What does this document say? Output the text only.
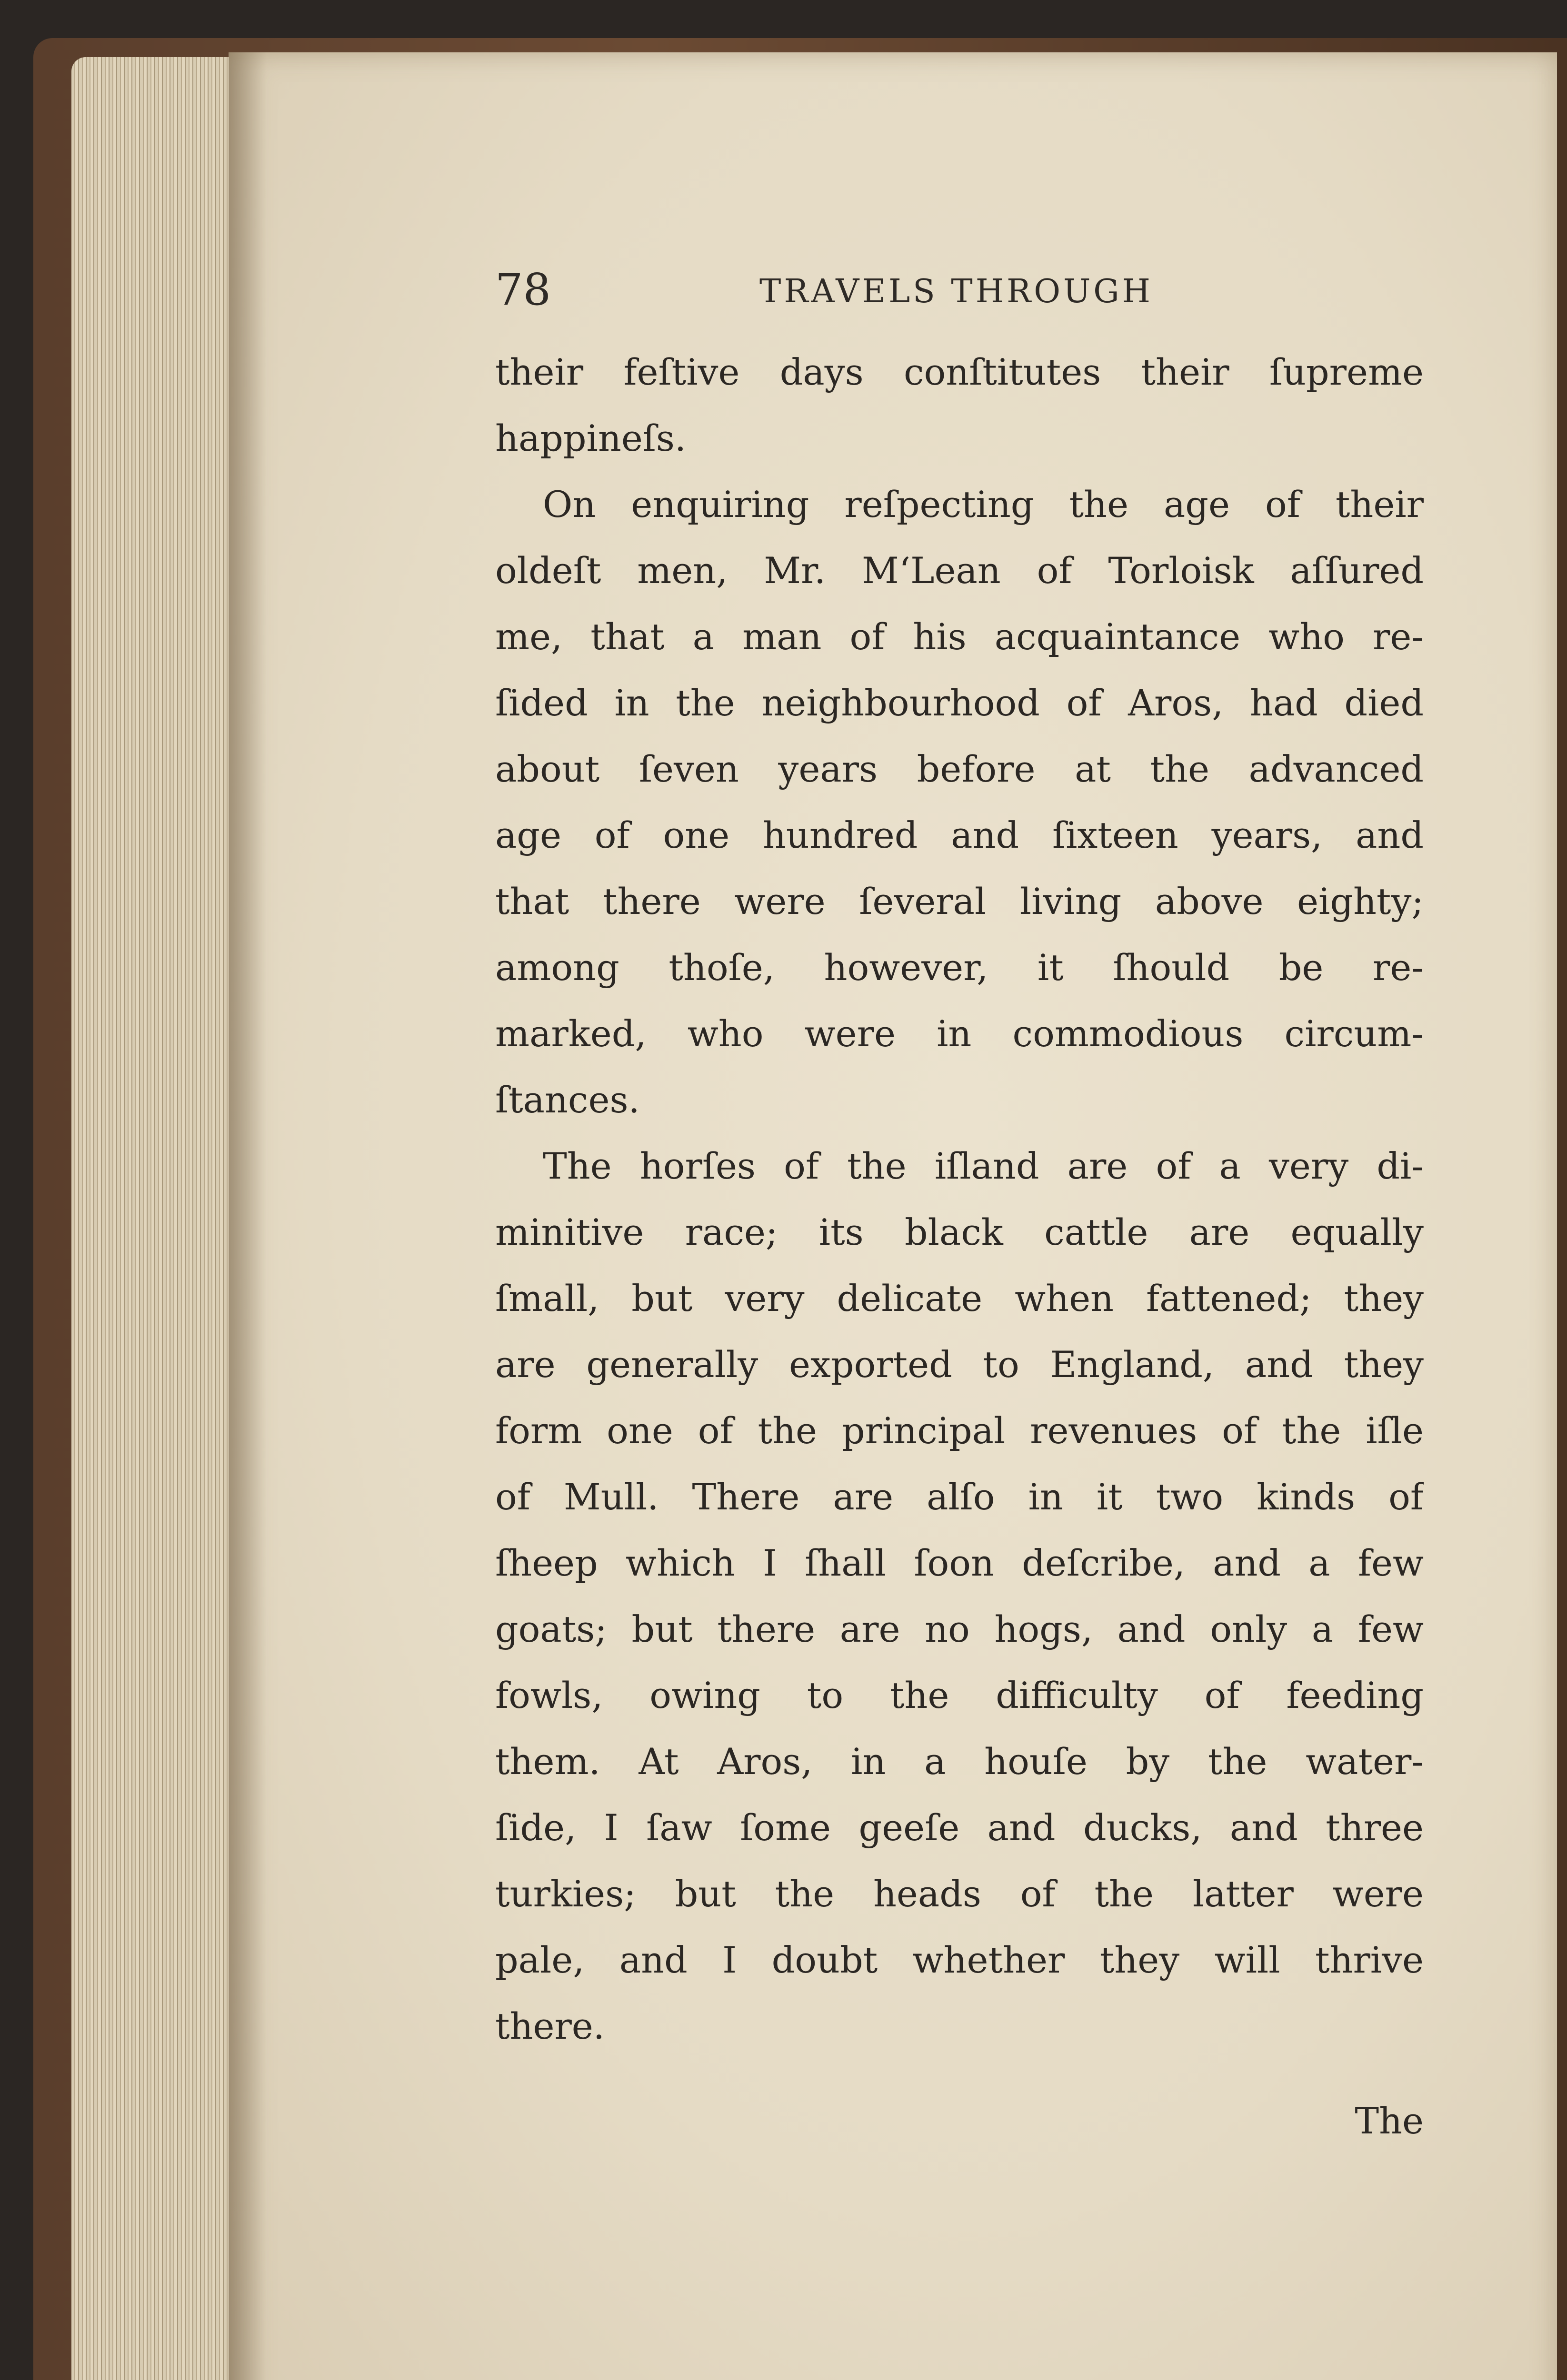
78	TRAVELS THROUGH
their feſtive days conſtitutes their ſupreme
happineſs.
On enquiring reſpecting the age of their
oldeſt men, Mr. M‘Lean of Torloisk aſſured
me, that a man of his acquaintance who re-
ſided in the neighbourhood of Aros, had died
about ſeven years before at the advanced
age of one hundred and ſixteen years, and
that there were ſeveral living above eighty;
among thoſe, however, it ſhould be re-
marked, who were in commodious circum-
ſtances.
The horſes of the iſland are of a very di-
minitive race; its black cattle are equally
ſmall, but very delicate when fattened; they
are generally exported to England, and they
form one of the principal revenues of the iſle
of Mull. There are alſo in it two kinds of
ſheep which I ſhall ſoon deſcribe, and a few
goats; but there are no hogs, and only a few
fowls, owing to the difficulty of feeding
them. At Aros, in a houſe by the water-
ſide, I ſaw ſome geeſe and ducks, and three
turkies; but the heads of the latter were
pale, and I doubt whether they will thrive
there.
The
